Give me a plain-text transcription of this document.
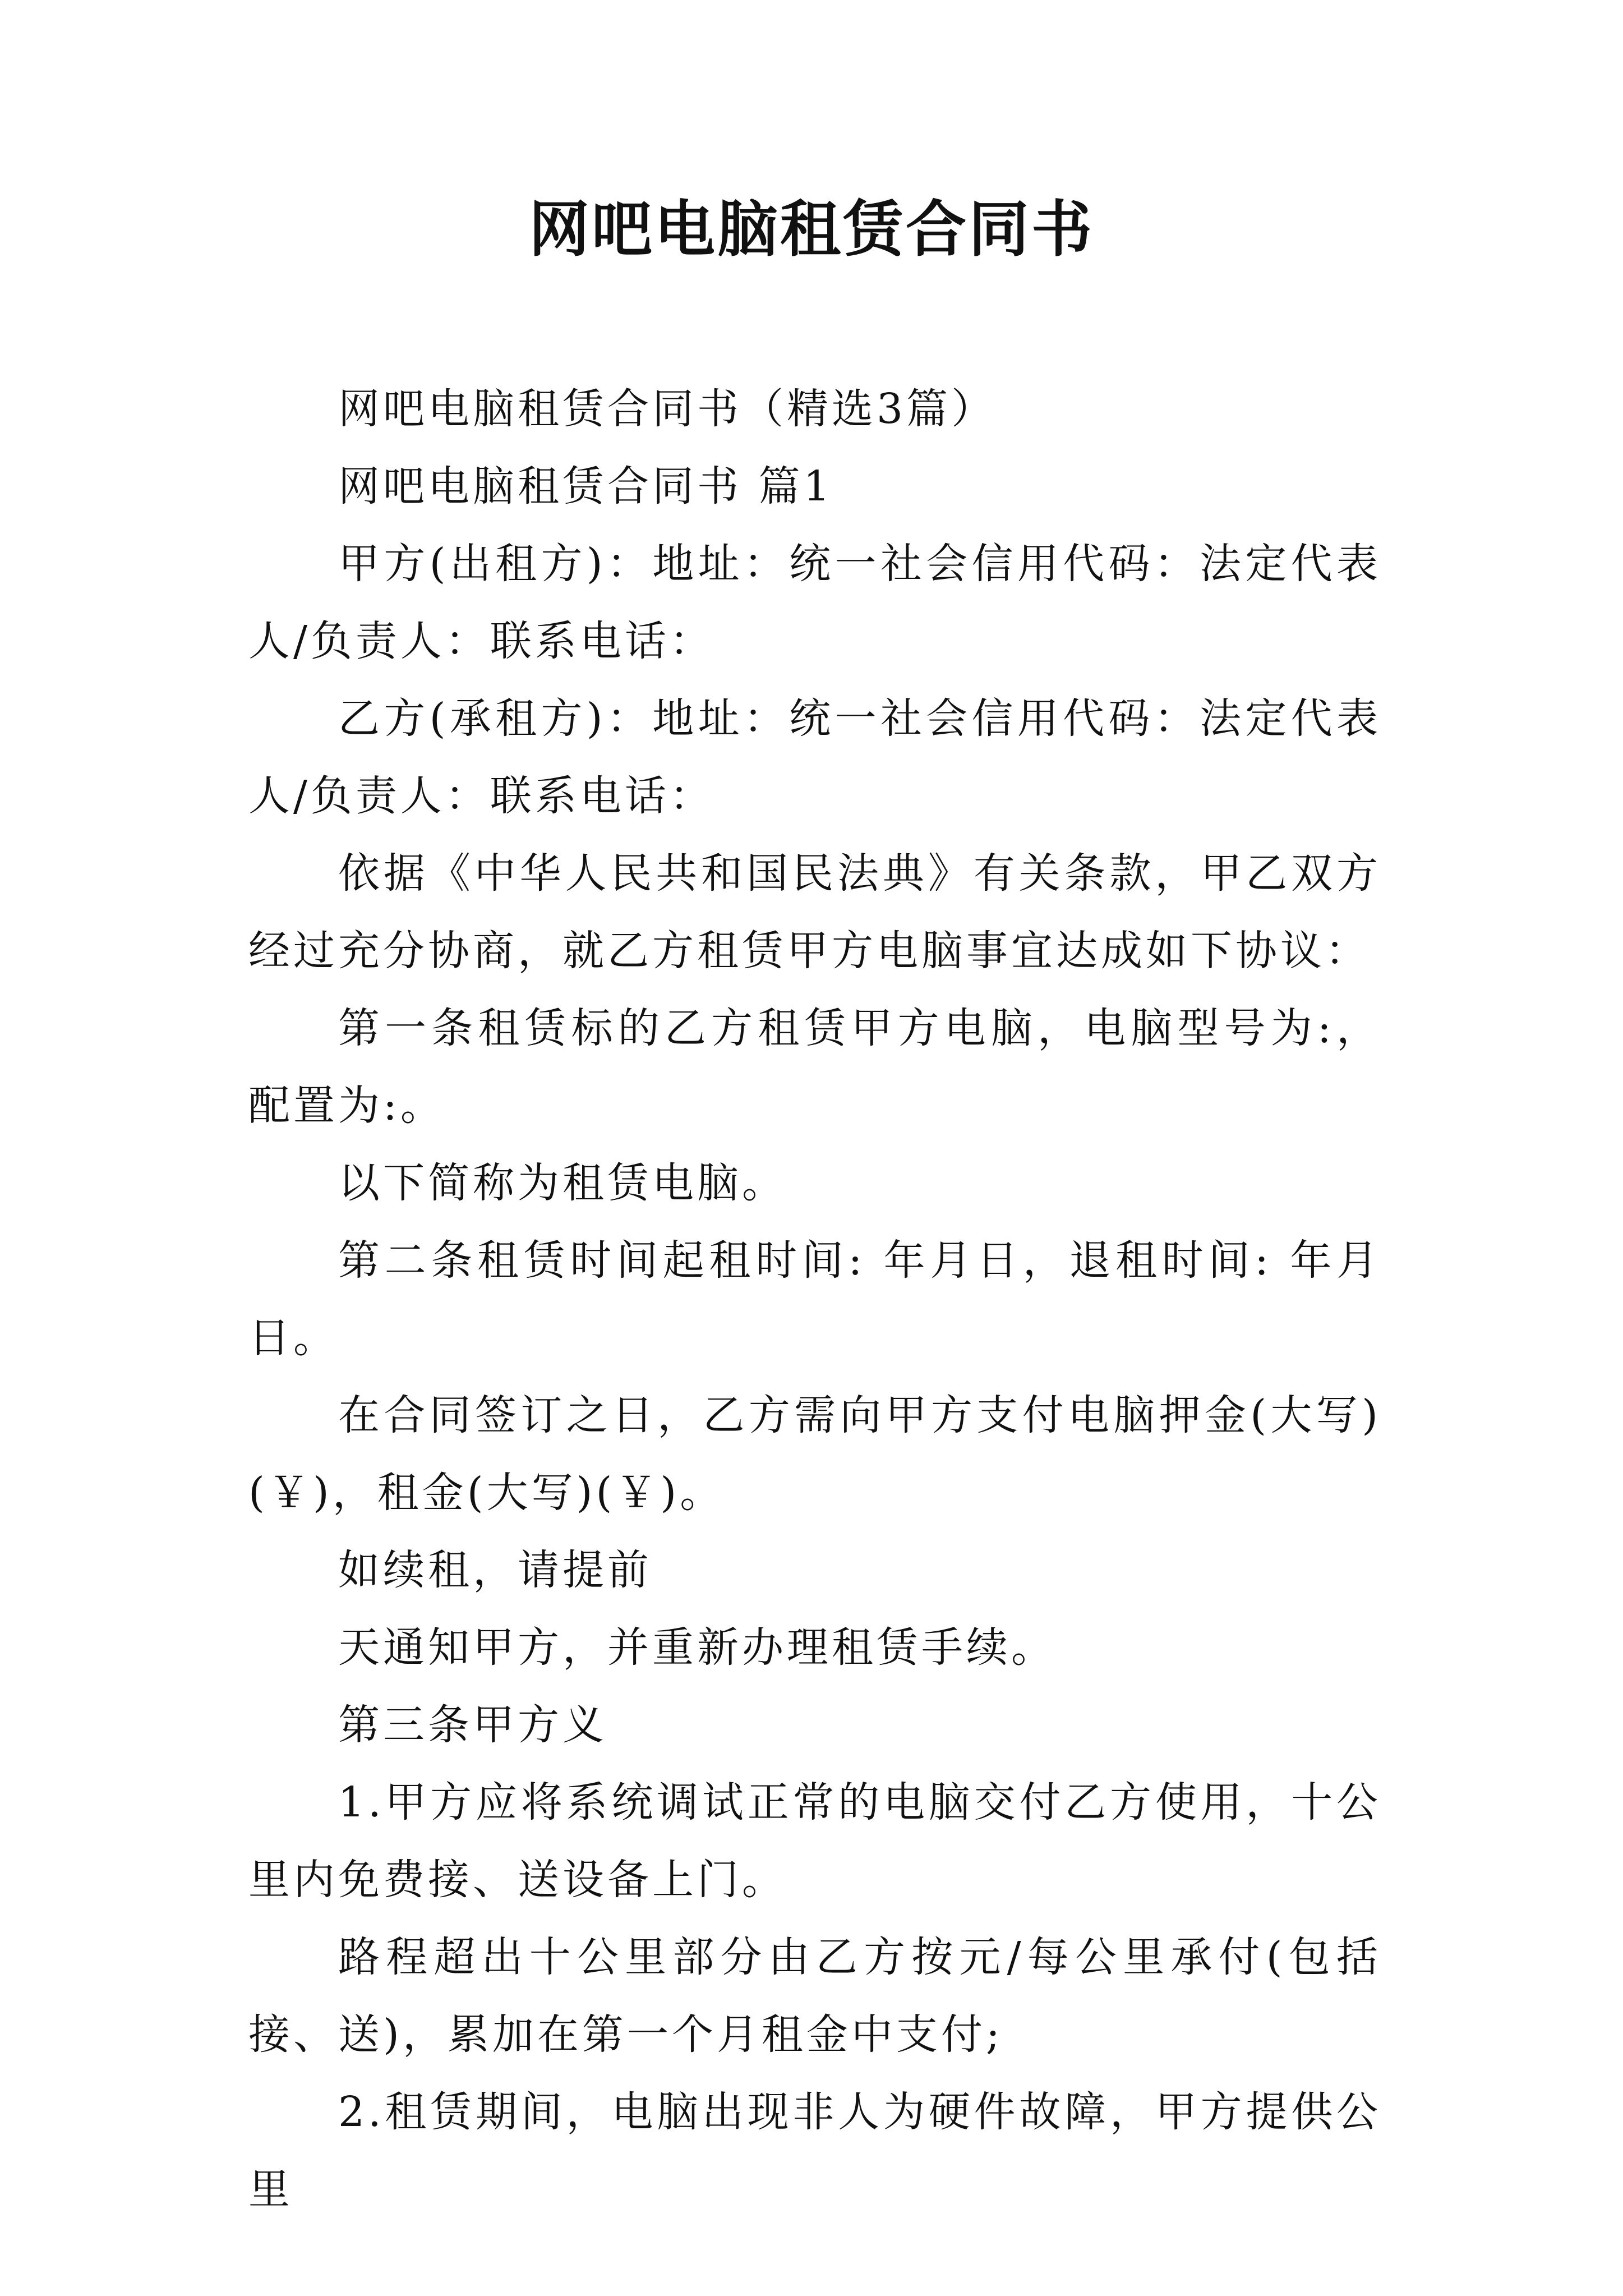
网吧电脑租赁合同书

网吧电脑租赁合同书（精选3篇）

网吧电脑租赁合同书 篇1

甲方(出租方)：地址：统一社会信用代码：法定代表人/负责人：联系电话：

乙方(承租方)：地址：统一社会信用代码：法定代表人/负责人：联系电话：

依据《中华人民共和国民法典》有关条款，甲乙双方经过充分协商，就乙方租赁甲方电脑事宜达成如下协议：

第一条租赁标的乙方租赁甲方电脑，电脑型号为:，配置为:。

以下简称为租赁电脑。

第二条租赁时间起租时间: 年月日，退租时间: 年月日。

在合同签订之日，乙方需向甲方支付电脑押金(大写)(￥)，租金(大写)(￥)。

如续租，请提前

天通知甲方，并重新办理租赁手续。

第三条甲方义

1.甲方应将系统调试正常的电脑交付乙方使用，十公里内免费接、送设备上门。

路程超出十公里部分由乙方按元/每公里承付(包括接、送)，累加在第一个月租金中支付;

2.租赁期间，电脑出现非人为硬件故障，甲方提供公里
